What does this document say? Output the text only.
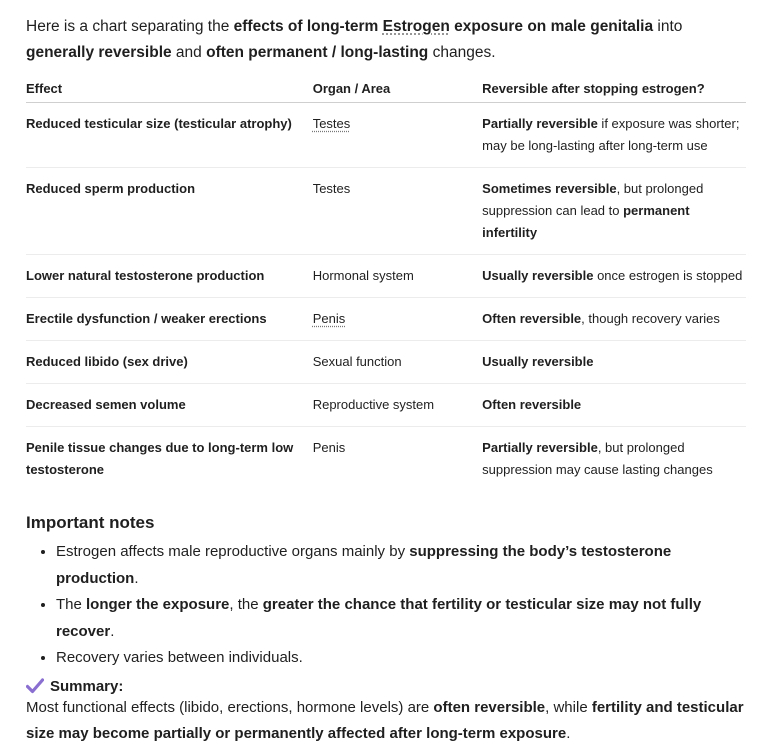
Here is a chart separating the effects of long-term Estrogen exposure on male genitalia into generally reversible and often permanent / long-lasting changes.

Effect	Organ / Area	Reversible after stopping estrogen?
Reduced testicular size (testicular atrophy)	Testes	Partially reversible if exposure was shorter; may be long-lasting after long-term use
Reduced sperm production	Testes	Sometimes reversible, but prolonged suppression can lead to permanent infertility
Lower natural testosterone production	Hormonal system	Usually reversible once estrogen is stopped
Erectile dysfunction / weaker erections	Penis	Often reversible, though recovery varies
Reduced libido (sex drive)	Sexual function	Usually reversible
Decreased semen volume	Reproductive system	Often reversible
Penile tissue changes due to long-term low testosterone	Penis	Partially reversible, but prolonged suppression may cause lasting changes
Important notes
• Estrogen affects male reproductive organs mainly by suppressing the body’s testosterone production.
• The longer the exposure, the greater the chance that fertility or testicular size may not fully recover.
• Recovery varies between individuals.
Summary:

Most functional effects (libido, erections, hormone levels) are often reversible, while fertility and testicular size may become partially or permanently affected after long-term exposure.
